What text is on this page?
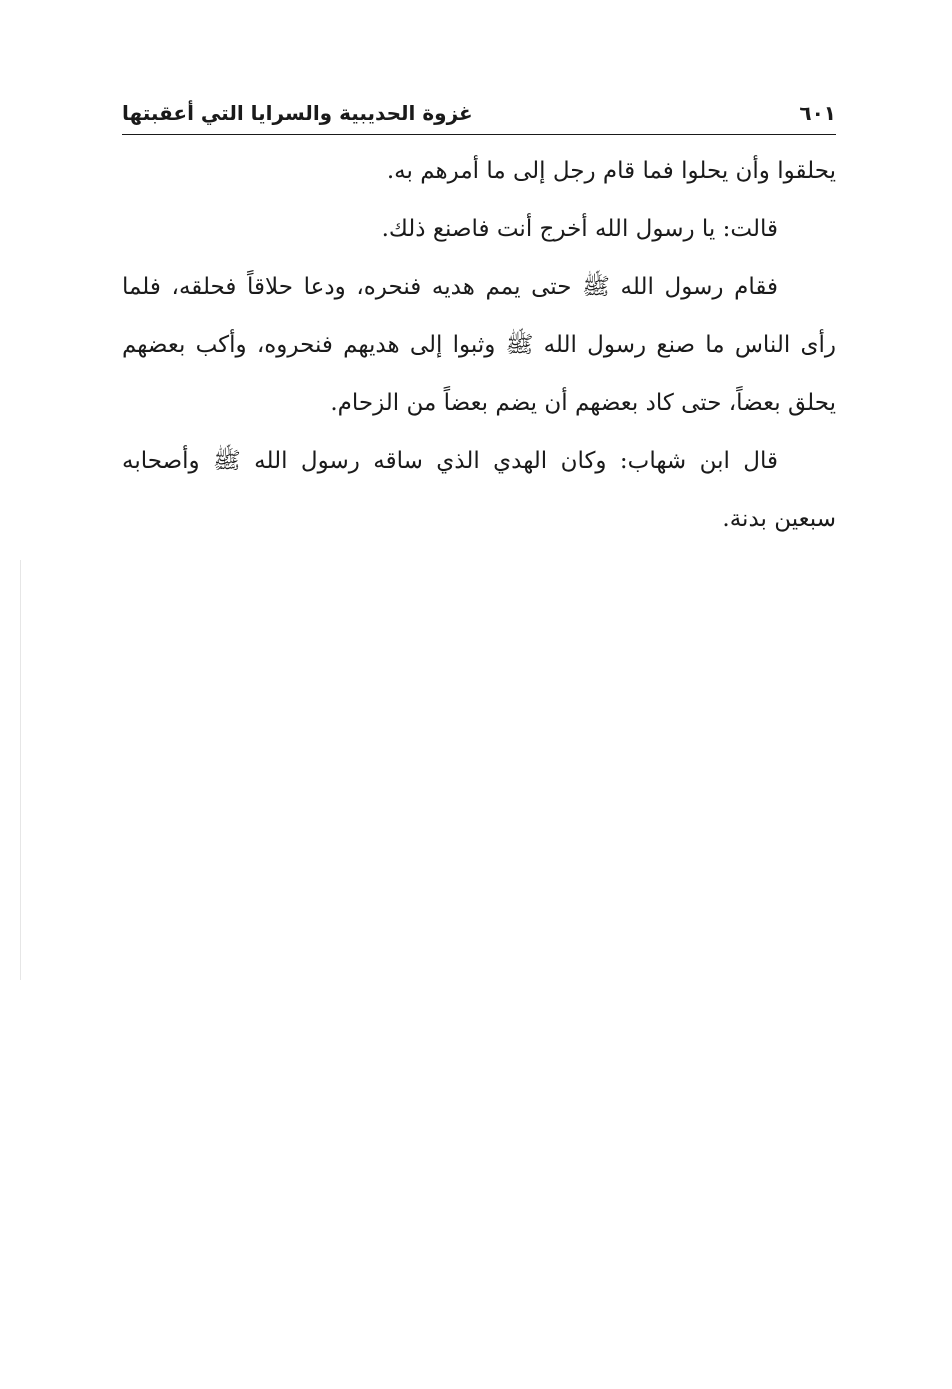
٦٠١
غزوة الحديبية والسرايا التي أعقبتها

يحلقوا وأن يحلوا فما قام رجل إلى ما أمرهم به.

قالت: يا رسول الله أخرج أنت فاصنع ذلك.

فقام رسول الله ﷺ حتى يمم هديه فنحره، ودعا حلاقاً فحلقه، فلما رأى الناس ما صنع رسول الله ﷺ وثبوا إلى هديهم فنحروه، وأكب بعضهم يحلق بعضاً، حتى كاد بعضهم أن يضم بعضاً من الزحام.

قال ابن شهاب: وكان الهدي الذي ساقه رسول الله ﷺ وأصحابه سبعين بدنة.
